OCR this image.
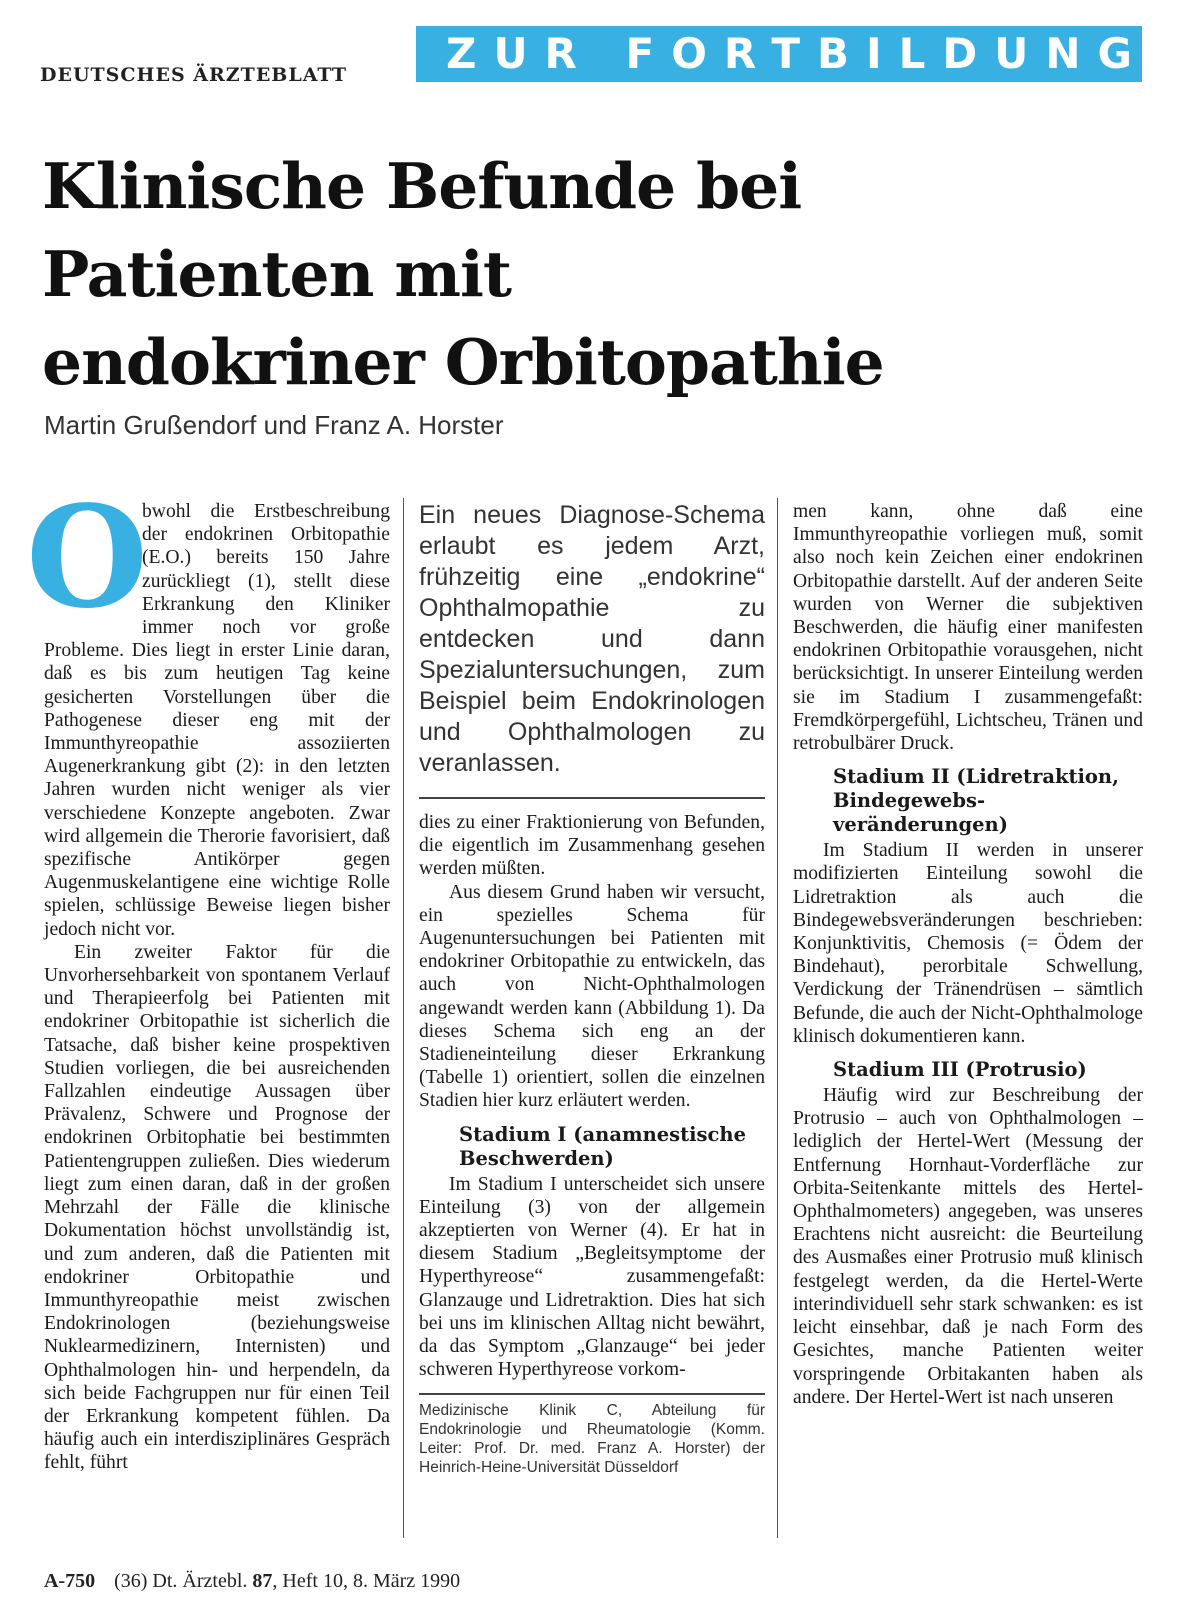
DEUTSCHES ÄRZTEBLATT	ZUR FORTBILDUNG
Klinische Befunde bei
Patienten mit
endokriner Orbitopathie
Martin Grußendorf und Franz A. Horster
O

bwohl die Erstbeschreibung der endokrinen Orbitopathie (E.O.) bereits 150 Jahre zurückliegt (1), stellt diese Erkrankung den Kliniker immer noch vor große Probleme. Dies liegt in erster Linie daran, daß es bis zum heutigen Tag keine gesicherten Vorstellungen über die Pathogenese dieser eng mit der Immunthyreopathie assoziierten Augenerkrankung gibt (2): in den letzten Jahren wurden nicht weniger als vier verschiedene Konzepte angeboten. Zwar wird allgemein die Therorie favorisiert, daß spezifische Antikörper gegen Augenmuskelantigene eine wichtige Rolle spielen, schlüssige Beweise liegen bisher jedoch nicht vor.

Ein zweiter Faktor für die Unvorhersehbarkeit von spontanem Verlauf und Therapieerfolg bei Patienten mit endokriner Orbitopathie ist sicherlich die Tatsache, daß bisher keine prospektiven Studien vorliegen, die bei ausreichenden Fallzahlen eindeutige Aussagen über Prävalenz, Schwere und Prognose der endokrinen Orbitophatie bei bestimmten Patientengruppen zuließen. Dies wiederum liegt zum einen daran, daß in der großen Mehrzahl der Fälle die klinische Dokumentation höchst unvollständig ist, und zum anderen, daß die Patienten mit endokriner Orbitopathie und Immunthyreopathie meist zwischen Endokrinologen (beziehungsweise Nuklearmedizinern, Internisten) und Ophthalmologen hin- und herpendeln, da sich beide Fachgruppen nur für einen Teil der Erkrankung kompetent fühlen. Da häufig auch ein interdisziplinäres Gespräch fehlt, führt

Ein neues Diagnose-Schema erlaubt es jedem Arzt, frühzeitig eine „endokrine“ Ophthalmopathie zu entdecken und dann Spezialuntersuchungen, zum Beispiel beim Endokrinologen und Ophthalmologen zu veranlassen.

dies zu einer Fraktionierung von Befunden, die eigentlich im Zusammenhang gesehen werden müßten.

Aus diesem Grund haben wir versucht, ein spezielles Schema für Augenuntersuchungen bei Patienten mit endokriner Orbitopathie zu entwickeln, das auch von Nicht-Ophthalmologen angewandt werden kann (Abbildung 1). Da dieses Schema sich eng an der Stadieneinteilung dieser Erkrankung (Tabelle 1) orientiert, sollen die einzelnen Stadien hier kurz erläutert werden.

Stadium I (anamnestische Beschwerden)

Im Stadium I unterscheidet sich unsere Einteilung (3) von der allgemein akzeptierten von Werner (4). Er hat in diesem Stadium „Begleitsymptome der Hyperthyreose“ zusammengefaßt: Glanzauge und Lidretraktion. Dies hat sich bei uns im klinischen Alltag nicht bewährt, da das Symptom „Glanzauge“ bei jeder schweren Hyperthyreose vorkom-

Medizinische Klinik C, Abteilung für Endokrinologie und Rheumatologie (Komm. Leiter: Prof. Dr. med. Franz A. Horster) der Heinrich-Heine-Universität Düsseldorf

men kann, ohne daß eine Immunthyreopathie vorliegen muß, somit also noch kein Zeichen einer endokrinen Orbitopathie darstellt. Auf der anderen Seite wurden von Werner die subjektiven Beschwerden, die häufig einer manifesten endokrinen Orbitopathie vorausgehen, nicht berücksichtigt. In unserer Einteilung werden sie im Stadium I zusammengefaßt: Fremdkörpergefühl, Lichtscheu, Tränen und retrobulbärer Druck.

Stadium II (Lidretraktion, Bindegewebsveränderungen)

Im Stadium II werden in unserer modifizierten Einteilung sowohl die Lidretraktion als auch die Bindegewebsveränderungen beschrieben: Konjunktivitis, Chemosis (= Ödem der Bindehaut), perorbitale Schwellung, Verdickung der Tränendrüsen – sämtlich Befunde, die auch der Nicht-Ophthalmologe klinisch dokumentieren kann.

Stadium III (Protrusio)

Häufig wird zur Beschreibung der Protrusio – auch von Ophthalmologen – lediglich der Hertel-Wert (Messung der Entfernung Hornhaut-Vorderfläche zur Orbita-Seitenkante mittels des Hertel-Ophthalmometers) angegeben, was unseres Erachtens nicht ausreicht: die Beurteilung des Ausmaßes einer Protrusio muß klinisch festgelegt werden, da die Hertel-Werte interindividuell sehr stark schwanken: es ist leicht einsehbar, daß je nach Form des Gesichtes, manche Patienten weiter vorspringende Orbitakanten haben als andere. Der Hertel-Wert ist nach unseren

A-750 (36) Dt. Ärztebl. 87, Heft 10, 8. März 1990
